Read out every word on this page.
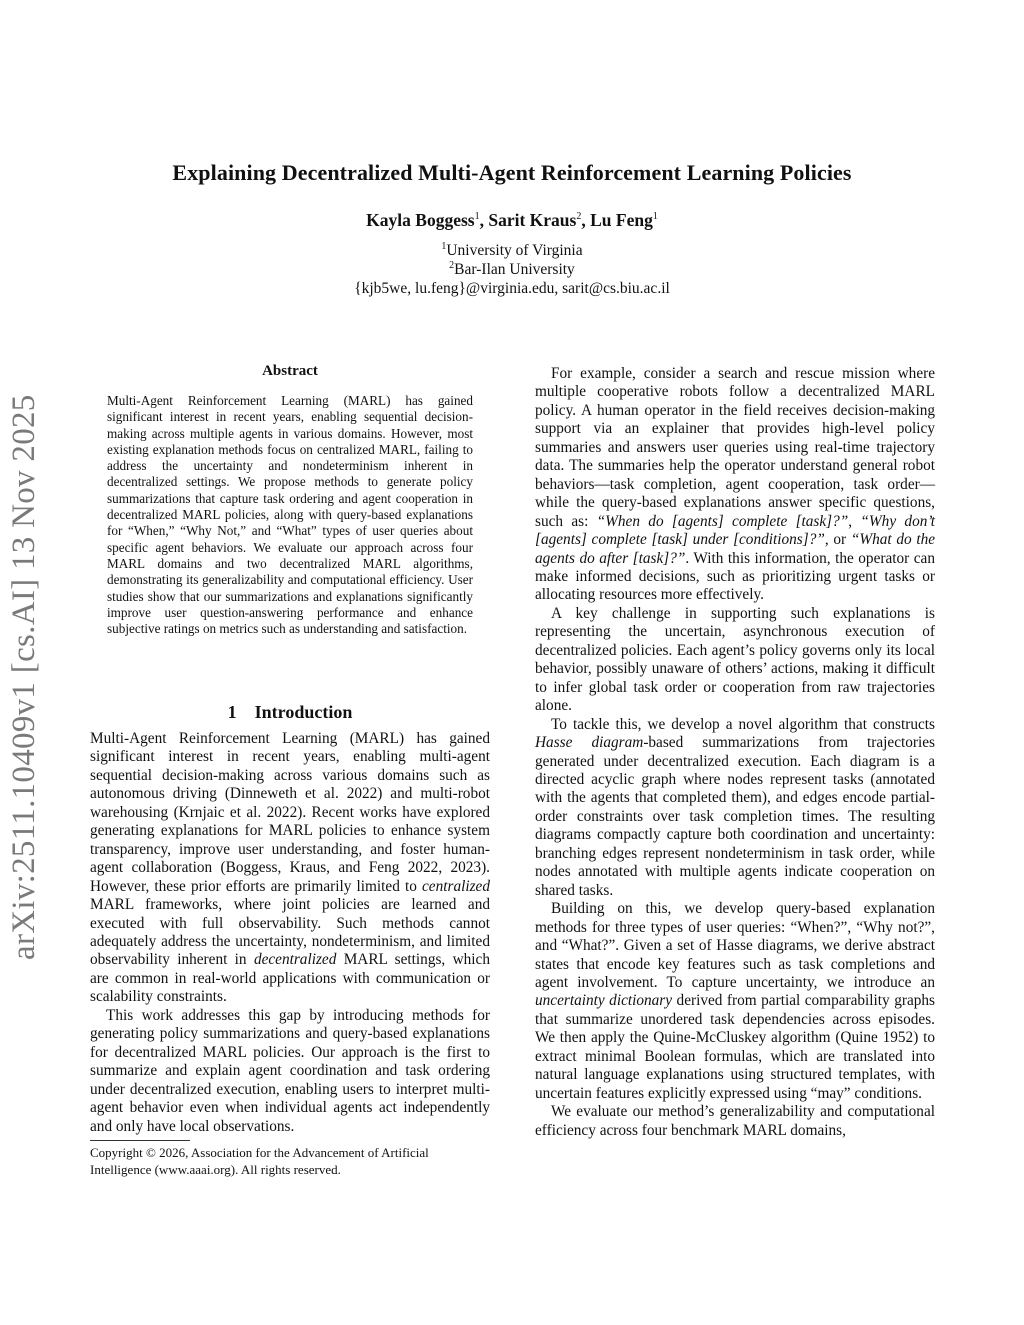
Explaining Decentralized Multi-Agent Reinforcement Learning Policies
Kayla Boggess$^1$, Sarit Kraus$^2$, Lu Feng$^1$
$^1$University of Virginia
$^2$Bar-Ilan University
{kjb5we, lu.feng}@virginia.edu, sarit@cs.biu.ac.il
arXiv:2511.10409v1 [cs.AI] 13 Nov 2025
Abstract
Multi-Agent Reinforcement Learning (MARL) has gained significant interest in recent years, enabling sequential decision-making across multiple agents in various domains. However, most existing explanation methods focus on centralized MARL, failing to address the uncertainty and nondeterminism inherent in decentralized settings. We propose methods to generate policy summarizations that capture task ordering and agent cooperation in decentralized MARL policies, along with query-based explanations for “When,” “Why Not,” and “What” types of user queries about specific agent behaviors. We evaluate our approach across four MARL domains and two decentralized MARL algorithms, demonstrating its generalizability and computational efficiency. User studies show that our summarizations and explanations significantly improve user question-answering performance and enhance subjective ratings on metrics such as understanding and satisfaction.
1 Introduction

Multi-Agent Reinforcement Learning (MARL) has gained significant interest in recent years, enabling multi-agent sequential decision-making across various domains such as autonomous driving (Dinneweth et al. 2022) and multi-robot warehousing (Krnjaic et al. 2022). Recent works have explored generating explanations for MARL policies to enhance system transparency, improve user understanding, and foster human-agent collaboration (Boggess, Kraus, and Feng 2022, 2023). However, these prior efforts are primarily limited to centralized MARL frameworks, where joint policies are learned and executed with full observability. Such methods cannot adequately address the uncertainty, nondeterminism, and limited observability inherent in decentralized MARL settings, which are common in real-world applications with communication or scalability constraints.

This work addresses this gap by introducing methods for generating policy summarizations and query-based explanations for decentralized MARL policies. Our approach is the first to summarize and explain agent coordination and task ordering under decentralized execution, enabling users to interpret multi-agent behavior even when individual agents act independently and only have local observations.

Copyright © 2026, Association for the Advancement of Artificial Intelligence (www.aaai.org). All rights reserved.

For example, consider a search and rescue mission where multiple cooperative robots follow a decentralized MARL policy. A human operator in the field receives decision-making support via an explainer that provides high-level policy summaries and answers user queries using real-time trajectory data. The summaries help the operator understand general robot behaviors—task completion, agent cooperation, task order—while the query-based explanations answer specific questions, such as: “When do [agents] complete [task]?”, “Why don’t [agents] complete [task] under [conditions]?”, or “What do the agents do after [task]?”. With this information, the operator can make informed decisions, such as prioritizing urgent tasks or allocating resources more effectively.

A key challenge in supporting such explanations is representing the uncertain, asynchronous execution of decentralized policies. Each agent’s policy governs only its local behavior, possibly unaware of others’ actions, making it difficult to infer global task order or cooperation from raw trajectories alone.

To tackle this, we develop a novel algorithm that constructs Hasse diagram-based summarizations from trajectories generated under decentralized execution. Each diagram is a directed acyclic graph where nodes represent tasks (annotated with the agents that completed them), and edges encode partial-order constraints over task completion times. The resulting diagrams compactly capture both coordination and uncertainty: branching edges represent nondeterminism in task order, while nodes annotated with multiple agents indicate cooperation on shared tasks.

Building on this, we develop query-based explanation methods for three types of user queries: “When?”, “Why not?”, and “What?”. Given a set of Hasse diagrams, we derive abstract states that encode key features such as task completions and agent involvement. To capture uncertainty, we introduce an uncertainty dictionary derived from partial comparability graphs that summarize unordered task dependencies across episodes. We then apply the Quine-McCluskey algorithm (Quine 1952) to extract minimal Boolean formulas, which are translated into natural language explanations using structured templates, with uncertain features explicitly expressed using “may” conditions.

We evaluate our method’s generalizability and computational efficiency across four benchmark MARL domains,
